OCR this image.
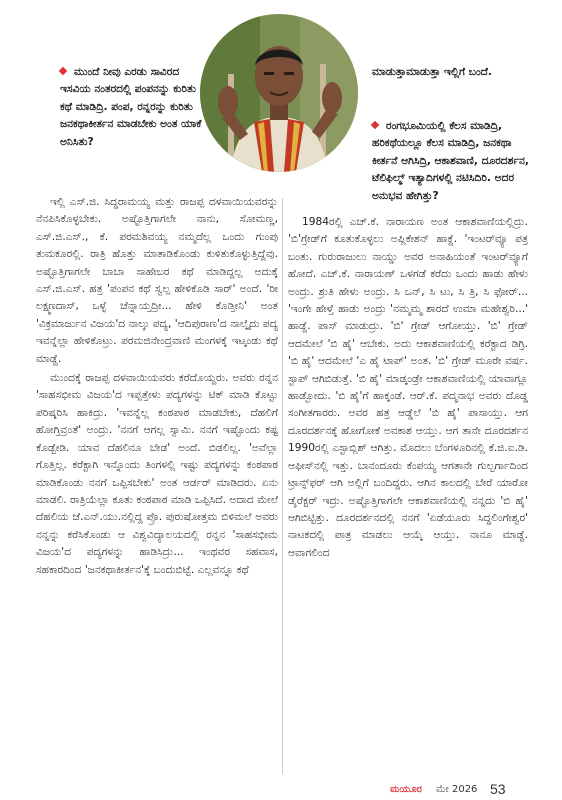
ಮುಂದೆ ನೀವು ಎರಡು ಸಾವಿರದ ಇಸವಿಯ ನಂತರದಲ್ಲಿ ಪಂಪನನ್ನು ಕುರಿತು ಕಥೆ ಮಾಡಿದ್ರಿ. ಪಂಪ, ರನ್ನರನ್ನು ಕುರಿತು ಜನಕಥಾಕೀರ್ತನ ಮಾಡಬೇಕು ಅಂತ ಯಾಕೆ ಅನಿಸಿತು?

ಇಲ್ಲಿ ಎಸ್.ಜಿ. ಸಿದ್ಧರಾಮಯ್ಯ ಮತ್ತು ರಾಜಪ್ಪ ದಳವಾಯಿಯವರನ್ನು ನೆನಪಿಸಿಕೊಳ್ಳಬೇಕು. ಅಷ್ಟೊತ್ತಿಗಾಗಲೇ ನಾನು, ಸೋಮಣ್ಣ, ಎಸ್.ಜಿ.ಎಸ್., ಕೆ. ಪರಮಶಿವಯ್ಯ ನಮ್ಮದೆಲ್ಲ ಒಂದು ಗುಂಪು ತುಮಕೂರಲ್ಲಿ. ರಾತ್ರಿ ಹೊತ್ತು ಮಾತಾಡಿಕೊಂಡು ಕುಳಿತುಕೊಳ್ಳುತ್ತಿದ್ದೆವು. ಅಷ್ಟೊತ್ತಿಗಾಗಲೇ ಬಾಬಾ ಸಾಹೇಬರ ಕಥೆ ಮಾಡಿದ್ದಲ್ಲ ಅದುಕ್ಕೆ ಎಸ್.ಜಿ.ಎಸ್. ಹತ್ರ 'ಪಂಪನ ಕಥೆ ಸ್ವಲ್ಪ ಹೇಳಿಕೊಡಿ ಸಾರ್' ಅಂದೆ. 'ರೀ ಲಕ್ಷ್ಮಣದಾಸ್, ಒಳ್ಳೆ ಚೆನ್ನಾಯ್ತದ್ರೀ... ಹೇಳಿ ಕೊಡ್ತೀನಿ' ಅಂತ 'ವಿಕ್ರಮಾರ್ಜುನ ವಿಜಯ'ದ ನಾಲ್ಕು ಪದ್ಯ, 'ಆದಿಪುರಾಣ'ದ ನಾಲ್ಕೈದು ಪದ್ಯ ಇವನ್ನೆಲ್ಲಾ ಹೇಳಿಕೊಟ್ರು. ಪರಮಜಿನೇಂದ್ರವಾಣಿ ಮಂಗಳಕ್ಕೆ ಇಟ್ಕಂಡು ಕಥೆ ಮಾಡ್ದೆ.

ಮುಂದಕ್ಕೆ ರಾಜಪ್ಪ ದಳವಾಯಿಯವರು ಕರೆದೊಯ್ದರು. ಅವರು ರನ್ನನ 'ಸಾಹಸಭೀಮ ವಿಜಯ'ದ ಇಪ್ಪತ್ತೇಳು ಪದ್ಯಗಳನ್ನು ಟಿಕ್ ಮಾಡಿ ಕೊಟ್ಟು ಪರಿಷ್ಕರಿಸಿ ಹಾಕಿದ್ರು. 'ಇವನ್ನೆಲ್ಲ ಕಂಠಪಾಠ ಮಾಡಬೇಕು, ದೆಹಲಿಗೆ ಹೋಗ್ತಿವ್ರಂತೆ' ಅಂದ್ರು. 'ನನಗೆ ಆಗಲ್ಲ ಸ್ವಾಮಿ. ನನಗೆ ಇಷ್ಟೊಂದು ಕಷ್ಟ ಕೊಡ್ಬೇಡಿ. ಯಾವ ದೆಹಲಿನೂ ಬೇಡ' ಅಂದೆ. ಬಿಡಲಿಲ್ಲ. 'ಅವೆಲ್ಲಾ ಗೊತ್ತಿಲ್ಲ. ಕರೆಕ್ಟಾಗಿ ಇನ್ನೊಂದು ತಿಂಗಳಲ್ಲಿ ಇಷ್ಟು ಪದ್ಯಗಳನ್ನು ಕಂಠಪಾಠ ಮಾಡಿಕೊಂಡು ನನಗೆ ಒಪ್ಪಿಸಬೇಕು' ಅಂತ ಆರ್ಡರ್ ಮಾಡಿದರು. ಏನು ಮಾಡಲಿ. ರಾತ್ರಿಯೆಲ್ಲಾ ಕೂತು ಕಂಠಪಾಠ ಮಾಡಿ ಒಪ್ಪಿಸಿದೆ. ಅದಾದ ಮೇಲೆ ದೆಹಲಿಯ ಜೆ.ಎನ್.ಯು.ನಲ್ಲಿದ್ದ ಪ್ರೊ. ಪುರುಷೋತ್ತಮ ಬಿಳಿಮಲೆ ಅವರು ನನ್ನನ್ನು ಕರೆಸಿಕೊಂಡು ಆ ವಿಶ್ವವಿದ್ಯಾಲಯದಲ್ಲಿ ರನ್ನನ 'ಸಾಹಸಭೀಮ ವಿಜಯ'ದ ಪದ್ಯಗಳನ್ನು ಹಾಡಿಸಿದ್ರು... ಇಂಥವರ ಸಹವಾಸ, ಸಹಕಾರದಿಂದ 'ಜನಕಥಾಕೀರ್ತನ'ಕ್ಕೆ ಬಂದುಬಿಟ್ಟೆ. ಎಲ್ಲವನ್ನೂ ಕಥೆ

ಮಾಡುತ್ತಾಮಾಡುತ್ತಾ ಇಲ್ಲಿಗೆ ಬಂದೆ.
ರಂಗಭೂಮಿಯಲ್ಲಿ ಕೆಲಸ ಮಾಡಿದ್ರಿ, ಹರಿಕಥೆಯಲ್ಲೂ ಕೆಲಸ ಮಾಡಿದ್ರಿ, ಜನಕಥಾ ಕೀರ್ತನೆ ಆಗಿಸಿದ್ರಿ, ಆಕಾಶವಾಣಿ, ದೂರದರ್ಶನ, ಟೆಲಿಫಿಲ್ಮ್ ಇತ್ಯಾದಿಗಳಲ್ಲಿ ನಟಿಸಿದಿರಿ. ಅದರ ಅನುಭವ ಹೇಗಿತ್ತು?

1984ರಲ್ಲಿ ಎಚ್.ಕೆ. ನಾರಾಯಣ ಅಂತ ಆಕಾಶವಾಣಿಯಲ್ಲಿದ್ರು. 'ಬಿ'ಗ್ರೇಡ್‌ಗೆ ಕೂತುಕೊಳ್ಳಲು ಅಪ್ಲಿಕೇಶನ್ ಹಾಕ್ದೆ. 'ಇಂಟರ್‌ವ್ಯೂ ಪತ್ರ ಬಂತು. ಗುರುರಾಜುಲು ನಾಯ್ಡು ಅವರ ಅನಾಹಿಯಂತೆ ಇಂಟರ್‌ವ್ಯೂಗೆ ಹೋದೆ. ಎಚ್.ಕೆ. ನಾರಾಯಣ್ ಒಳಗಡೆ ಕರೆದು ಒಂದು ಹಾಡು ಹೇಳು ಅಂದ್ರು. ಶ್ರುತಿ ಹೇಳು ಅಂದ್ರು. ಸಿ ಒನ್, ಸಿ ಟು, ಸಿ ತ್ರಿ, ಸಿ ಫೋರ್... 'ಇಂಗೇ ಹೇಳ್ತೆ ಹಾಡು ಅಂದ್ರು 'ನಮ್ಮಮ್ಮ ಶಾರದೆ ಉಮಾ ಮಹೇಶ್ವರಿ...' ಹಾಡ್ದೆ. ಪಾಸ್ ಮಾಡುದ್ರು. 'ಬಿ' ಗ್ರೇಡ್ ಆಗೋಯ್ತು. 'ಬಿ' ಗ್ರೇಡ್ ಆದಮೇಲೆ 'ಬಿ ಹೈ' ಆಬೇಕು. ಅದು ಆಕಾಶವಾಣಿಯಲ್ಲಿ ಕರೆಕ್ಟಾದ ಡಿಗ್ರಿ. 'ಬಿ ಹೈ' ಆದಮೇಲೆ 'ಎ ಹೈ ಟಾಪ್' ಅಂತ. 'ಬಿ' ಗ್ರೇಡ್ ಮೂರೇ ವರ್ಷ. ಸ್ಟಾಪ್ ಆಗಿಬಿಡುತ್ತೆ. 'ಬಿ ಹೈ' ಮಾಡ್ಕಂಡ್ರೇ ಆಕಾಶವಾಣಿಯಲ್ಲಿ ಯಾವಾಗ್ಲೂ ಹಾಡ್ಬೋದು. 'ಬಿ ಹೈ'ಗೆ ಹಾಕ್ಕಂಡೆ. ಆರ್.ಕೆ. ಪದ್ಮನಾಭ ಅವರು ದೊಡ್ಡ ಸಂಗೀತಗಾರರು. ಅವರ ಹತ್ರ ಆಡ್ಡೆಲೆ 'ಬಿ ಹೈ' ಪಾಸಾಯ್ತು. ಆಗ ದೂರದರ್ಶನಕ್ಕೆ ಹೋಗೋಕೆ ಅವಕಾಶ ಆಯ್ತು. ಆಗ ತಾನೇ ದೂರದರ್ಶನ 1990ರಲ್ಲಿ ಎಸ್ಟಾಬ್ಲಿಶ್ ಆಗಿತ್ತು. ಮೊದಲು ಬೆಂಗಳೂರಿನಲ್ಲಿ ಕೆ.ಜಿ.ಐ.ಡಿ. ಆಫೀಸ್‌ನಲ್ಲಿ ಇತ್ತು. ಬಾನಂದೂರು ಕೆಂಪಯ್ಯ ಆಗತಾನೇ ಗುಲ್ಬರ್ಗಾದಿಂದ ಟ್ರಾನ್ಸ್‌ಫರ್ ಆಗಿ ಅಲ್ಲಿಗೆ ಬಂದಿದ್ದರು. ಆಗಿನ ಕಾಲದಲ್ಲಿ ಬೇರೆ ಯಾರೋ ಡೈರೆಕ್ಟರ್ ಇದ್ರು. ಅಷ್ಟೊತ್ತಿಗಾಗಲೇ ಆಕಾಶವಾಣಿಯಲ್ಲಿ ನನ್ನದು 'ಬಿ ಹೈ' ಆಗಿಬಿಟ್ಟಿತ್ತು. ದೂರದರ್ಶನದಲ್ಲಿ ನನಗೆ 'ಏಡೆಯೂರು ಸಿದ್ಧಲಿಂಗೇಶ್ವರ' ನಾಟಕದಲ್ಲಿ ಪಾತ್ರ ಮಾಡಲು ಆಯ್ಕೆ ಆಯ್ತು. ನಾನೂ ಮಾಡ್ದೆ. ಆವಾಗಲಿಂದ

ಮಯೂರ ಮೇ 2026 53
